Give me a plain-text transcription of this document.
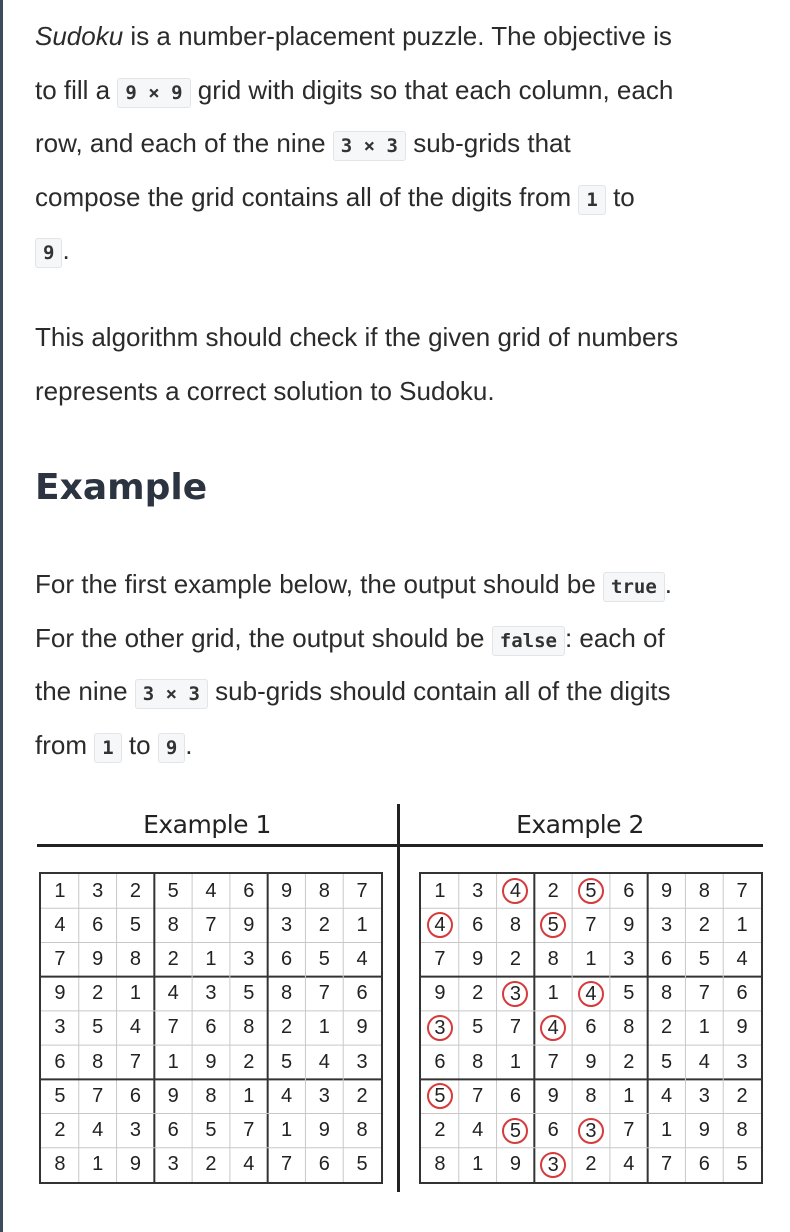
Sudoku is a number-placement puzzle. The objective is

to fill a 9 × 9 grid with digits so that each column, each

row, and each of the nine 3 × 3 sub-grids that

compose the grid contains all of the digits from 1 to

9 .

This algorithm should check if the given grid of numbers

represents a correct solution to Sudoku.

Example

For the first example below, the output should be true .

For the other grid, the output should be false : each of

the nine 3 × 3 sub-grids should contain all of the digits

from 1 to 9 .

Example 1	Example 2
1 3 2 5 4 6 9 8 7
4 6 5 8 7 9 3 2 1
7 9 8 2 1 3 6 5 4
9 2 1 4 3 5 8 7 6
3 5 4 7 6 8 2 1 9
6 8 7 1 9 2 5 4 3
5 7 6 9 8 1 4 3 2
2 4 3 6 5 7 1 9 8
8 1 9 3 2 4 7 6 5
1 3	4	2	5	6 9 8 7
4	6 8	5	7 9 3 2 1
7 9 2 8 1 3 6 5 4
9 2	3	1	4	5 8 7 6
3	5 7	4	6 8 2 1 9
6 8 1 7 9 2 5 4 3
5	7 6 9 8 1 4 3 2
2 4	5	6	3	7 1 9 8
8 1 9	3	2 4 7 6 5
